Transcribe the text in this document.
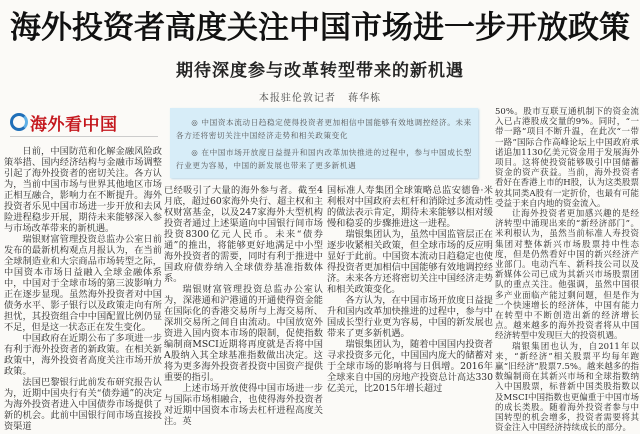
海外投资者高度关注中国市场进一步开放政策
期待深度参与改革转型带来的新机遇
本报驻伦敦记者 蒋华栋
海外看中国	◎ 中国资本流动日趋稳定使得投资者更加相信中国能够有效地调控经济。未来各方还将密切关注中国经济走势和相关政策变化

◎ 在中国市场开放度日益提升和国内改革加快推进的过程中，参与中国成长型行业更为容易，中国的新发展也带来了更多新机遇

日前，中国防范和化解金融风险政策举措、国内经济结构与金融市场调整引起了海外投资者的密切关注。各方认为，当前中国市场与世界其他地区市场正相互融合，影响力在不断提升。海外投资者乐见中国市场进一步开放和去风险进程稳步开展，期待未来能够深入参与市场改革带来的新机遇。

瑞银财富管理投资总监办公室日前发布的最新机构观点月报认为，在当前全球制造业和大宗商品市场转型之际，中国资本市场日益融入全球金融体系中，中国对于全球市场的第三波影响力正在逐步显现。虽然海外投资者对中国债务水平、影子银行以及政策走向有所担忧，其投资组合中中国配置比例仍显不足，但是这一状态正在发生变化。

中国政府在近期公布了多项进一步有利于海外投资者的新政策。在相关新政策中，海外投资者高度关注市场开放政策。

法国巴黎银行此前发布研究报告认为，近期中国央行有关“债券通”的决定为海外投资者进入中国债券市场提供了新的机会。此前中国银行间市场直接投资渠道

已经吸引了大量的海外参与者。截至4月底，超过60家海外央行、超主权和主权财富基金，以及247家海外大型机构投资者通过上述渠道向中国银行间市场投资8300亿元人民币。未来“债券通”的推出，将能够更好地满足中小型海外投资者的需要，同时有利于推进中国政府债券纳入全球债券基准指数体系。

瑞银财富管理投资总监办公室认为，深港通和沪港通的开通使得资金能在国际化的香港交易所与上海交易所、深圳交易所之间自由流动。中国放宽外资进入国内资本市场的限制，促使指数编制商MSCI近期将再度就是否将中国A股纳入其全球基准指数做出决定。这将为更多海外投资者投资中国资产提供重要的指引。

上述市场开放使得中国市场进一步与国际市场相融合，也使得海外投资者对近期中国资本市场去杠杆进程高度关注。英

国标准人寿集团全球策略总监安德鲁·米利根对中国政府去杠杆和消除过多流动性的做法表示肯定，期待未来能够以相对缓慢和稳妥的步骤推进这一进程。

瑞银集团认为，虽然中国监管层正在逐步收紧相关政策，但全球市场的反应明显好于此前。中国资本流动日趋稳定也使得投资者更加相信中国能够有效地调控经济。未来各方还将密切关注中国经济走势和相关政策变化。

各方认为，在中国市场开放度日益提升和国内改革加快推进的过程中，参与中国成长型行业更为容易，中国的新发展也带来了更多新机遇。

瑞银集团认为，随着中国国内投资者寻求投资多元化，中国国内庞大的储蓄对于全球市场的影响将与日俱增。2016年全球来自中国的房地产投资总计高达330亿美元，比2015年增长超过

50%。股市互联互通机制下的资金流入已占港股成交量的9%。同时，“一带一路”项目不断升温，在此次“一带一路”国际合作高峰论坛上中国政府承诺追加1130亿美元资金用于发展海外项目。这将使投资能够吸引中国储蓄资金的资产获益。当前，海外投资者看好在香港上市的H股，认为这类股票较其同类A股有一定折价，也最有可能受益于来自内地的资金流入。

让海外投资者更加感兴趣的是经济转型中涌现出来的“新经济部门”。米利根认为，虽然当前标准人寿投资集团对整体新兴市场股票持中性态度，但是仍然看好中国的新兴经济产业部门。电动汽车、新科技公司以及新媒体公司已成为其新兴市场股票团队的重点关注。他强调，虽然中国很多产业面临产能过剩问题，但是作为一个快速增长的经济体，中国有能力在转型中不断创造出新的经济增长点。越来越多的海外投资者将从中国经济转型中发现巨大的投资机遇。

瑞银集团也认为，自2011年以来，“新经济”相关股票平均每年跑赢“旧经济”股票7.5%。越来越多的指数编制商在其新兴市场和全球指数纳入中国股票，标普新中国类股指数以及MSCI中国指数也更偏重于中国市场的成长类股。随着海外投资者参与中国转型的机会增多，投资者需要将其资金注入中国经济持续成长的部分。
